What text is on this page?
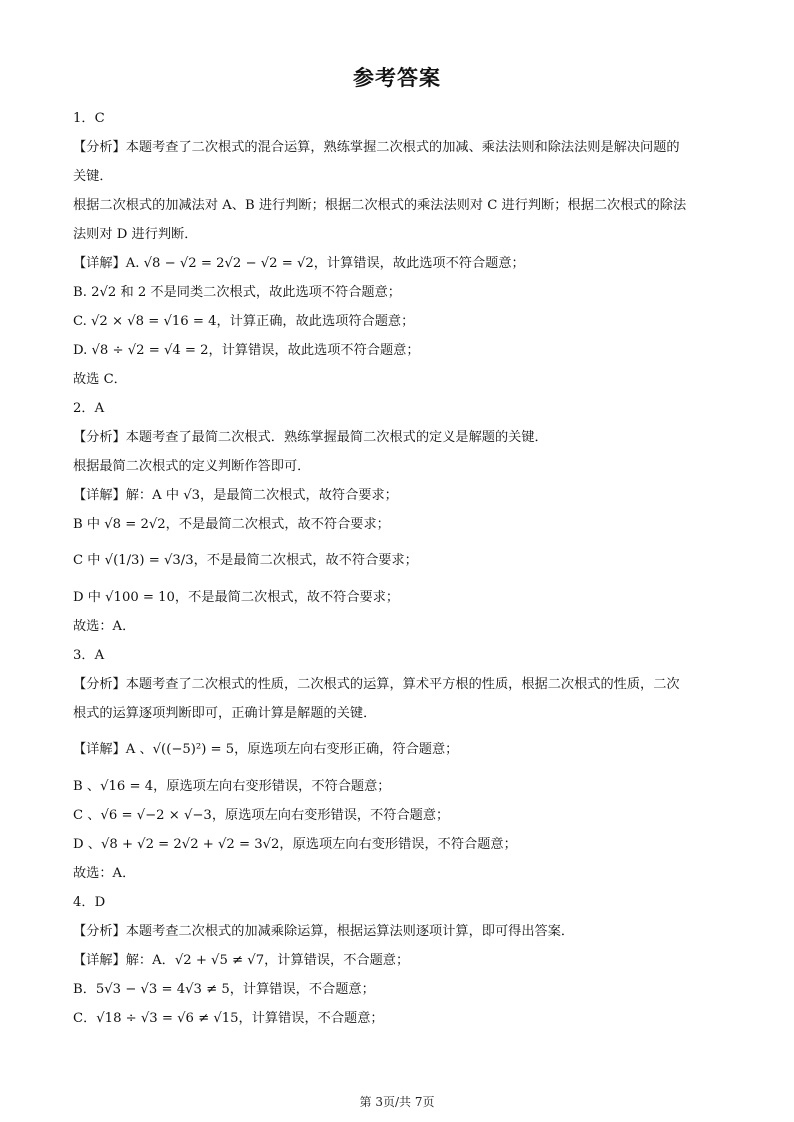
参考答案
1．C
【分析】本题考查了二次根式的混合运算，熟练掌握二次根式的加减、乘法法则和除法法则是解决问题的
关键．
根据二次根式的加减法对 A、B 进行判断；根据二次根式的乘法法则对 C 进行判断；根据二次根式的除法
法则对 D 进行判断．
【详解】A. √8 − √2 = 2√2 − √2 = √2，计算错误，故此选项不符合题意；
B. 2√2 和 2 不是同类二次根式，故此选项不符合题意；
C. √2 × √8 = √16 = 4，计算正确，故此选项符合题意；
D. √8 ÷ √2 = √4 = 2，计算错误，故此选项不符合题意；
故选 C．
2．A
【分析】本题考查了最简二次根式．熟练掌握最简二次根式的定义是解题的关键．
根据最简二次根式的定义判断作答即可．
【详解】解：A 中 √3，是最简二次根式，故符合要求；
B 中 √8 = 2√2，不是最简二次根式，故不符合要求；
C 中 √(1/3) = √3/3，不是最简二次根式，故不符合要求；
D 中 √100 = 10，不是最简二次根式，故不符合要求；
故选：A．
3．A
【分析】本题考查了二次根式的性质，二次根式的运算，算术平方根的性质，根据二次根式的性质，二次
根式的运算逐项判断即可，正确计算是解题的关键．
【详解】A 、√((−5)²) = 5，原选项左向右变形正确，符合题意；
B 、√16 = 4，原选项左向右变形错误，不符合题意；
C 、√6 = √−2 × √−3，原选项左向右变形错误，不符合题意；
D 、√8 + √2 = 2√2 + √2 = 3√2，原选项左向右变形错误，不符合题意；
故选：A．
4．D
【分析】本题考查二次根式的加减乘除运算，根据运算法则逐项计算，即可得出答案．
【详解】解：A．√2 + √5 ≠ √7，计算错误，不合题意；
B．5√3 − √3 = 4√3 ≠ 5，计算错误，不合题意；
C．√18 ÷ √3 = √6 ≠ √15，计算错误，不合题意；
第 3页/共 7页
